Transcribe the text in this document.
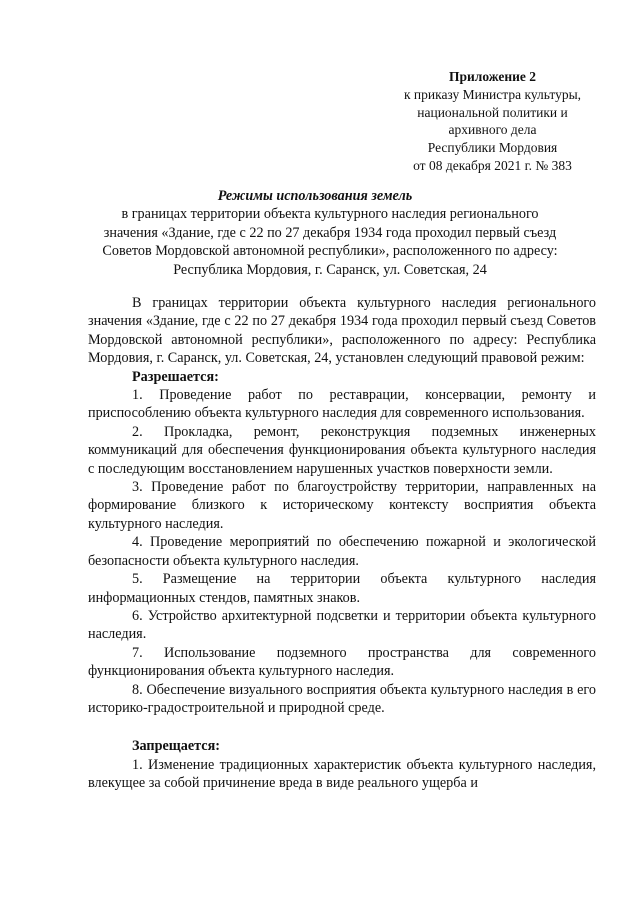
Приложение 2
к приказу Министра культуры,
национальной политики и
архивного дела
Республики Мордовия
от 08 декабря 2021 г. № 383
Режимы использования земель
в границах территории объекта культурного наследия регионального
значения «Здание, где с 22 по 27 декабря 1934 года проходил первый съезд
Советов Мордовской автономной республики», расположенного по адресу:
Республика Мордовия, г. Саранск, ул. Советская, 24

В границах территории объекта культурного наследия регионального значения «Здание, где с 22 по 27 декабря 1934 года проходил первый съезд Советов Мордовской автономной республики», расположенного по адресу: Республика Мордовия, г. Саранск, ул. Советская, 24, установлен следующий правовой режим:

Разрешается:

1. Проведение работ по реставрации, консервации, ремонту и приспособлению объекта культурного наследия для современного использования.

2. Прокладка, ремонт, реконструкция подземных инженерных коммуникаций для обеспечения функционирования объекта культурного наследия с последующим восстановлением нарушенных участков поверхности земли.

3. Проведение работ по благоустройству территории, направленных на формирование близкого к историческому контексту восприятия объекта культурного наследия.

4. Проведение мероприятий по обеспечению пожарной и экологической безопасности объекта культурного наследия.

5. Размещение на территории объекта культурного наследия информационных стендов, памятных знаков.

6. Устройство архитектурной подсветки и территории объекта культурного наследия.

7. Использование подземного пространства для современного функционирования объекта культурного наследия.

8. Обеспечение визуального восприятия объекта культурного наследия в его историко-градостроительной и природной среде.

Запрещается:

1. Изменение традиционных характеристик объекта культурного наследия, влекущее за собой причинение вреда в виде реального ущерба и
